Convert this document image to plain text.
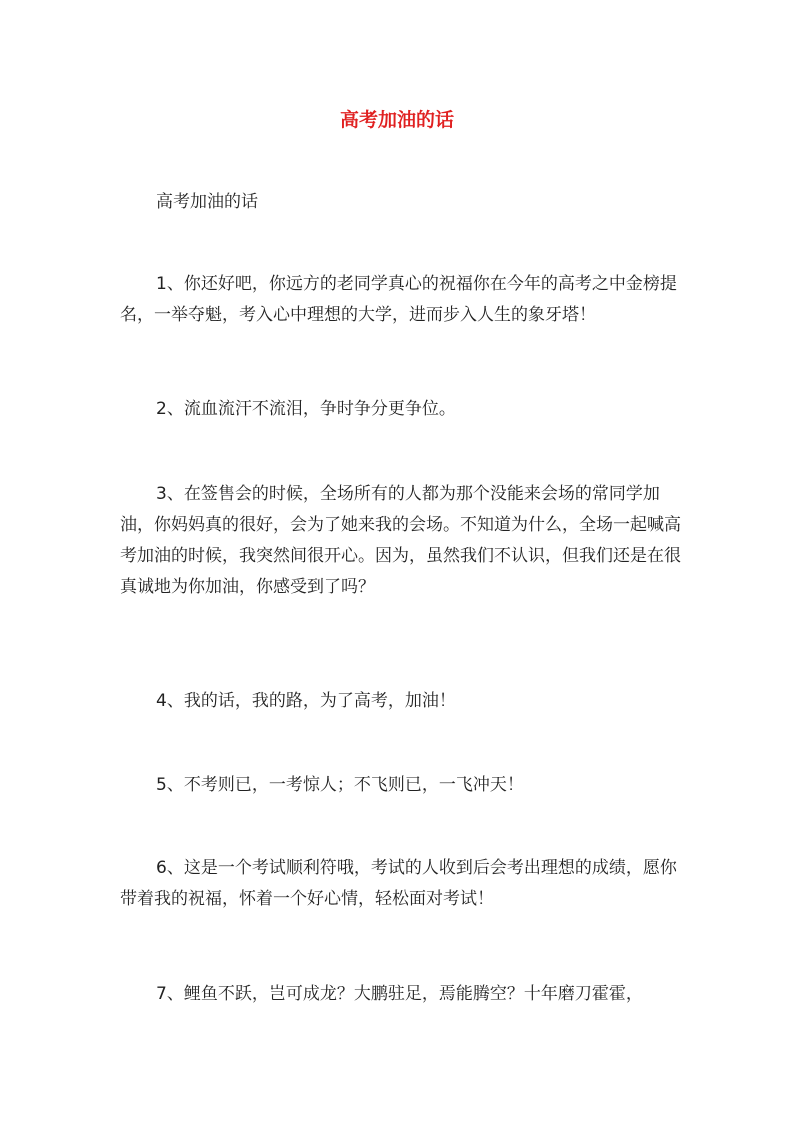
高考加油的话

高考加油的话

1、你还好吧，你远方的老同学真心的祝福你在今年的高考之中金榜提名，一举夺魁，考入心中理想的大学，进而步入人生的象牙塔！

2、流血流汗不流泪，争时争分更争位。

3、在签售会的时候，全场所有的人都为那个没能来会场的常同学加油，你妈妈真的很好，会为了她来我的会场。不知道为什么，全场一起喊高考加油的时候，我突然间很开心。因为，虽然我们不认识，但我们还是在很真诚地为你加油，你感受到了吗？

4、我的话，我的路，为了高考，加油！

5、不考则已，一考惊人；不飞则已，一飞冲天！

6、这是一个考试顺利符哦，考试的人收到后会考出理想的成绩，愿你带着我的祝福，怀着一个好心情，轻松面对考试！

7、鲤鱼不跃，岂可成龙？大鹏驻足，焉能腾空？十年磨刀霍霍，
